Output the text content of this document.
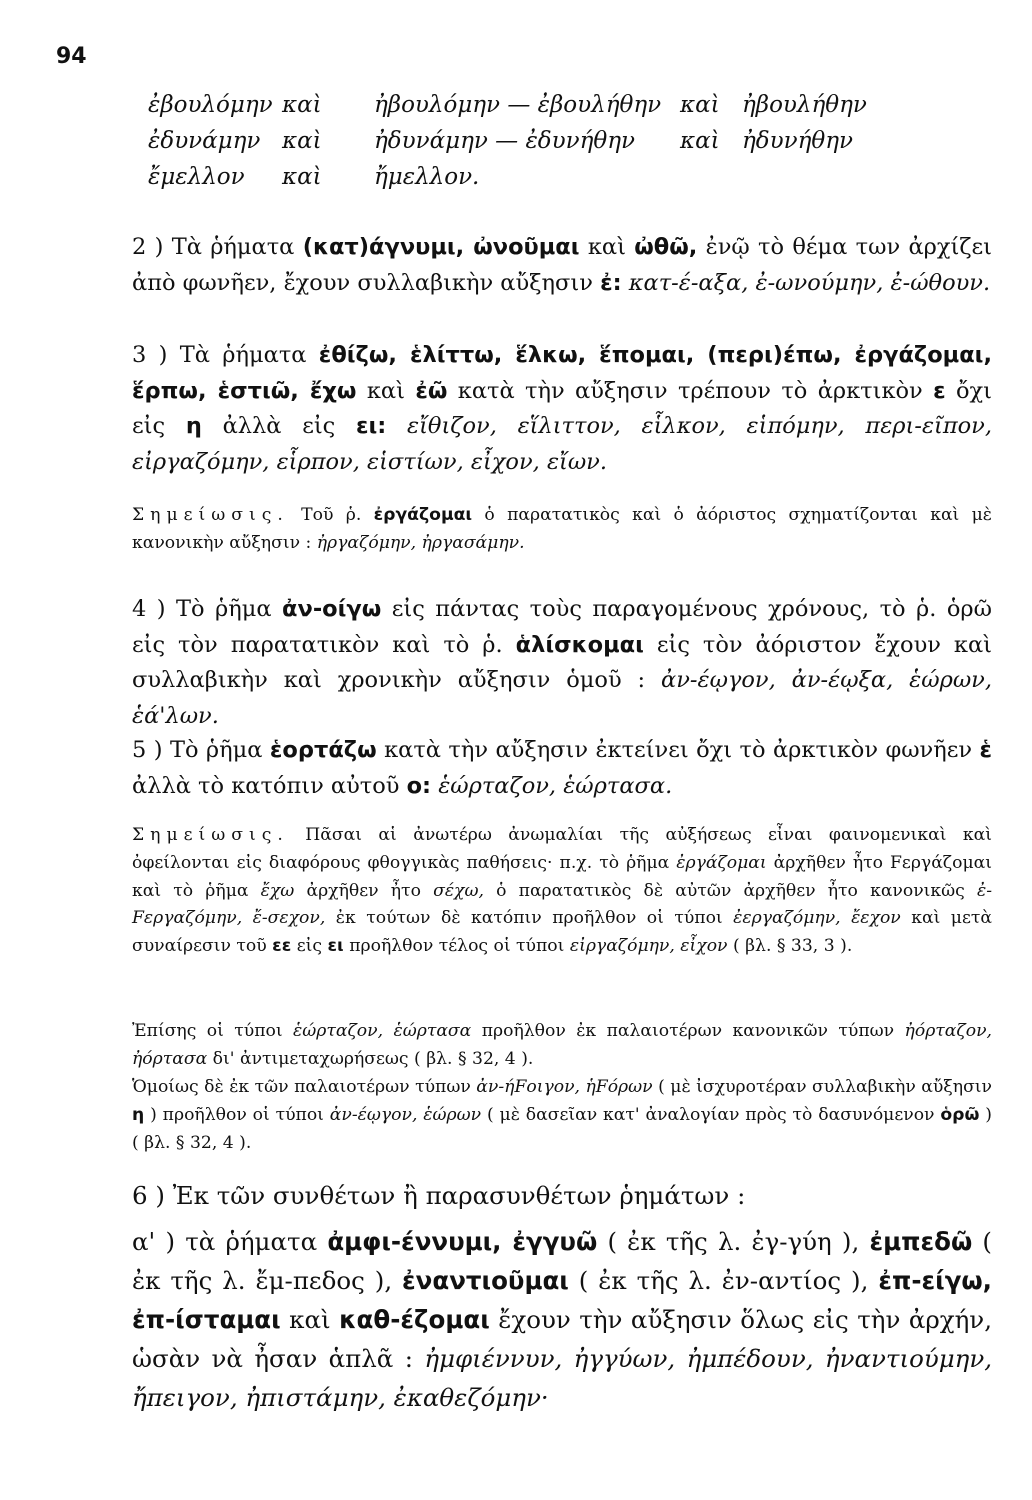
94
ἐβουλόμην καὶ ἠβουλόμην — ἐβουλήθην καὶ ἠβουλήθην
ἐδυνάμην καὶ ἠδυνάμην — ἐδυνήθην καὶ ἠδυνήθην
ἔμελλον καὶ ἤμελλον.

2 ) Τὰ ῥήματα (κατ)άγνυμι, ὠνοῦμαι καὶ ὠθῶ, ἐνῷ τὸ θέμα των ἀρχίζει ἀπὸ φωνῆεν, ἔχουν συλλαβικὴν αὔξησιν ἐ: κατ-έ-αξα, ἐ-ωνούμην, ἐ-ώθουν.

3 ) Τὰ ῥήματα ἐθίζω, ἑλίττω, ἕλκω, ἕπομαι, (περι)έπω, ἐργάζομαι, ἕρπω, ἑστιῶ, ἔχω καὶ ἐῶ κατὰ τὴν αὔξησιν τρέπουν τὸ ἀρκτικὸν ε ὄχι εἰς η ἀλλὰ εἰς ει: εἴθιζον, εἵλιττον, εἷλκον, εἱπόμην, περι-εῖπον, εἰργαζόμην, εἷρπον, εἱστίων, εἶχον, εἴων.

Σημείωσις. Τοῦ ῥ. ἐργάζομαι ὁ παρατατικὸς καὶ ὁ ἀόριστος σχηματίζονται καὶ μὲ κανονικὴν αὔξησιν : ἠργαζόμην, ἠργασάμην.

4 ) Τὸ ῥῆμα ἀν-οίγω εἰς πάντας τοὺς παραγομένους χρόνους, τὸ ῥ. ὁρῶ εἰς τὸν παρατατικὸν καὶ τὸ ῥ. ἁλίσκομαι εἰς τὸν ἀόριστον ἔχουν καὶ συλλαβικὴν καὶ χρονικὴν αὔξησιν ὁμοῦ : ἀν-έῳγον, ἀν-έῳξα, ἑώρων, ἑά'λων.

5 ) Τὸ ῥῆμα ἑορτάζω κατὰ τὴν αὔξησιν ἐκτείνει ὄχι τὸ ἀρκτικὸν φωνῆεν ἑ ἀλλὰ τὸ κατόπιν αὐτοῦ ο: ἑώρταζον, ἑώρτασα.

Σημείωσις. Πᾶσαι αἱ ἀνωτέρω ἀνωμαλίαι τῆς αὐξήσεως εἶναι φαινομενικαὶ καὶ ὀφείλονται εἰς διαφόρους φθογγικὰς παθήσεις· π.χ. τὸ ῥῆμα ἐργάζομαι ἀρχῆθεν ἦτο Fεργάζομαι καὶ τὸ ῥῆμα ἔχω ἀρχῆθεν ἦτο σέχω, ὁ παρατατικὸς δὲ αὐτῶν ἀρχῆθεν ἦτο κανονικῶς ἐ-Fεργαζόμην, ἔ-σεχον, ἐκ τούτων δὲ κατόπιν προῆλθον οἱ τύποι ἐεργαζόμην, ἔεχον καὶ μετὰ συναίρεσιν τοῦ εε εἰς ει προῆλθον τέλος οἱ τύποι εἰργαζόμην, εἶχον ( βλ. § 33, 3 ).

Ἐπίσης οἱ τύποι ἑώρταζον, ἑώρτασα προῆλθον ἐκ παλαιοτέρων κανονικῶν τύπων ἠόρταζον, ἠόρτασα δι' ἀντιμεταχωρήσεως ( βλ. § 32, 4 ).

Ὁμοίως δὲ ἐκ τῶν παλαιοτέρων τύπων ἀν-ήFοιγον, ἡFόρων ( μὲ ἰσχυροτέραν συλλαβικὴν αὔξησιν η ) προῆλθον οἱ τύποι ἀν-έῳγον, ἑώρων ( μὲ δασεῖαν κατ' ἀναλογίαν πρὸς τὸ δασυνόμενον ὁρῶ ) ( βλ. § 32, 4 ).

6 ) Ἐκ τῶν συνθέτων ἢ παρασυνθέτων ῥημάτων :

α' ) τὰ ῥήματα ἀμφι-έννυμι, ἐγγυῶ ( ἐκ τῆς λ. ἐγ-γύη ), ἐμπεδῶ ( ἐκ τῆς λ. ἔμ-πεδος ), ἐναντιοῦμαι ( ἐκ τῆς λ. ἐν-αντίος ), ἐπ-είγω, ἐπ-ίσταμαι καὶ καθ-έζομαι ἔχουν τὴν αὔξησιν ὅλως εἰς τὴν ἀρχήν, ὡσὰν νὰ ἦσαν ἁπλᾶ : ἠμφιέννυν, ἠγγύων, ἠμπέδουν, ἠναντιούμην, ἤπειγον, ἠπιστάμην, ἐκαθεζόμην·
